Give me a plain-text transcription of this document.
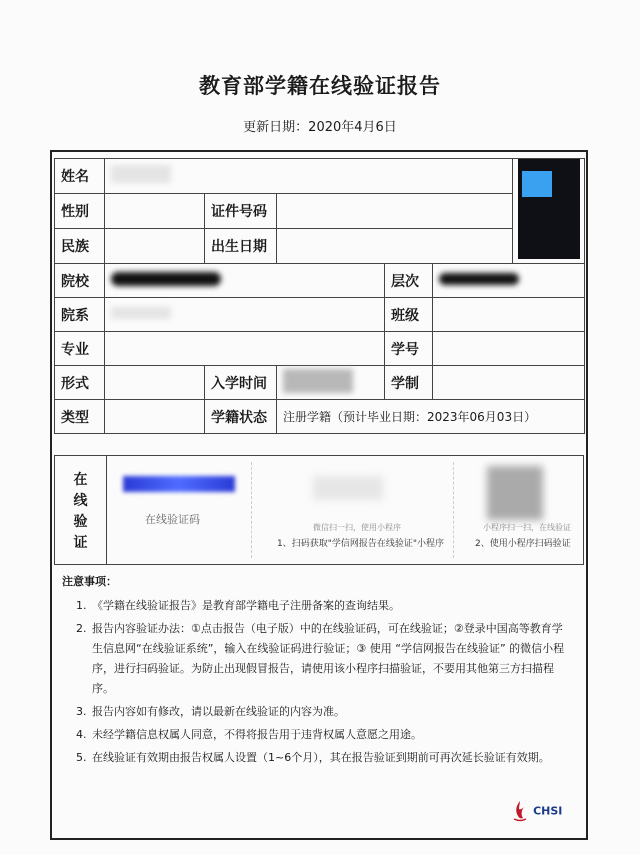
教育部学籍在线验证报告
更新日期：2020年4月6日
姓名						

性别		证件号码				
民族		出生日期				
院校				层次		
院系				班级		
专业				学号		
形式		入学时间		学制		
类型		学籍状态	注册学籍（预计毕业日期：2023年06月03日）			
在
线
验
证
在线验证码
微信扫一扫，使用小程序
1、扫码获取"学信网报告在线验证"小程序
小程序扫一扫，在线验证
2、使用小程序扫码验证
注意事项：
1. 《学籍在线验证报告》是教育部学籍电子注册备案的查询结果。
2. 报告内容验证办法：①点击报告（电子版）中的在线验证码，可在线验证；②登录中国高等教育学生信息网“在线验证系统”，输入在线验证码进行验证；③ 使用 “学信网报告在线验证” 的微信小程序，进行扫码验证。为防止出现假冒报告，请使用该小程序扫描验证，不要用其他第三方扫描程序。
3. 报告内容如有修改，请以最新在线验证的内容为准。
4. 未经学籍信息权属人同意，不得将报告用于违背权属人意愿之用途。
5. 在线验证有效期由报告权属人设置（1~6个月），其在报告验证到期前可再次延长验证有效期。
CHSI
